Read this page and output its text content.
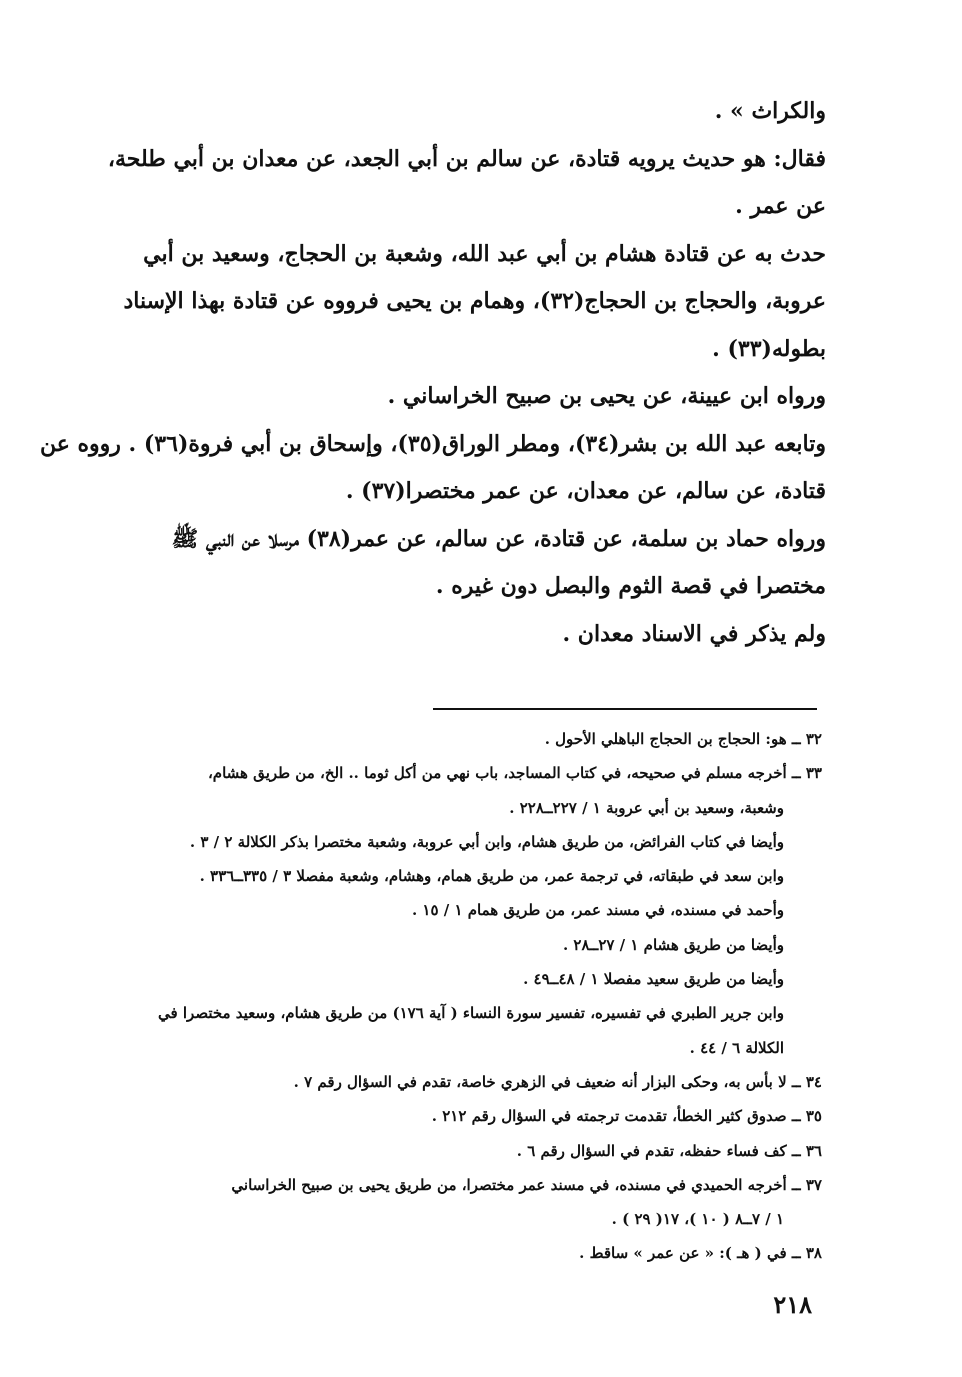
والكراث » .
فقال: هو حديث يرويه قتادة، عن سالم بن أبي الجعد، عن معدان بن أبي طلحة،
عن عمر .
حدث به عن قتادة هشام بن أبي عبد الله، وشعبة بن الحجاج، وسعيد بن أبي
عروبة، والحجاج بن الحجاج(٣٢)، وهمام بن يحيى فرووه عن قتادة بهذا الإسناد
بطوله(٣٣) .
ورواه ابن عيينة، عن يحيى بن صبيح الخراساني .
وتابعه عبد الله بن بشر(٣٤)، ومطر الوراق(٣٥)، وإسحاق بن أبي فروة(٣٦) . رووه عن
قتادة، عن سالم، عن معدان، عن عمر مختصرا(٣٧) .
ورواه حماد بن سلمة، عن قتادة، عن سالم، عن عمر(٣٨) مرسلا عن النبي ﷺ
مختصرا في قصة الثوم والبصل دون غيره .
ولم يذكر في الاسناد معدان .
٣٢ ــ هو: الحجاج بن الحجاج الباهلي الأحول .
٣٣ ــ أخرجه مسلم في صحيحه، في كتاب المساجد، باب نهي من أكل ثوما .. الخ، من طريق هشام،
وشعبة، وسعيد بن أبي عروبة ١ / ٢٢٧ــ٢٢٨ .
وأيضا في كتاب الفرائض، من طريق هشام، وابن أبي عروبة، وشعبة مختصرا بذكر الكلالة ٢ / ٣ .
وابن سعد في طبقاته، في ترجمة عمر، من طريق همام، وهشام، وشعبة مفصلا ٣ / ٣٣٥ــ٣٣٦ .
وأحمد في مسنده، في مسند عمر، من طريق همام ١ / ١٥ .
وأيضا من طريق هشام ١ / ٢٧ــ٢٨ .
وأيضا من طريق سعيد مفصلا ١ / ٤٨ــ٤٩ .
وابن جرير الطبري في تفسيره، تفسير سورة النساء ( آية ١٧٦) من طريق هشام، وسعيد مختصرا في
الكلالة ٦ / ٤٤ .
٣٤ ــ لا بأس به، وحكى البزار أنه ضعيف في الزهري خاصة، تقدم في السؤال رقم ٧ .
٣٥ ــ صدوق كثير الخطأ، تقدمت ترجمته في السؤال رقم ٢١٢ .
٣٦ ــ كف فساء حفظه، تقدم في السؤال رقم ٦ .
٣٧ ــ أخرجه الحميدي في مسنده، في مسند عمر مختصرا، من طريق يحيى بن صبيح الخراساني
١ / ٧ــ٨ ( ١٠ )، ١٧( ٢٩ ) .
٣٨ ــ في ( هـ ): « عن عمر » ساقط .
٢١٨
